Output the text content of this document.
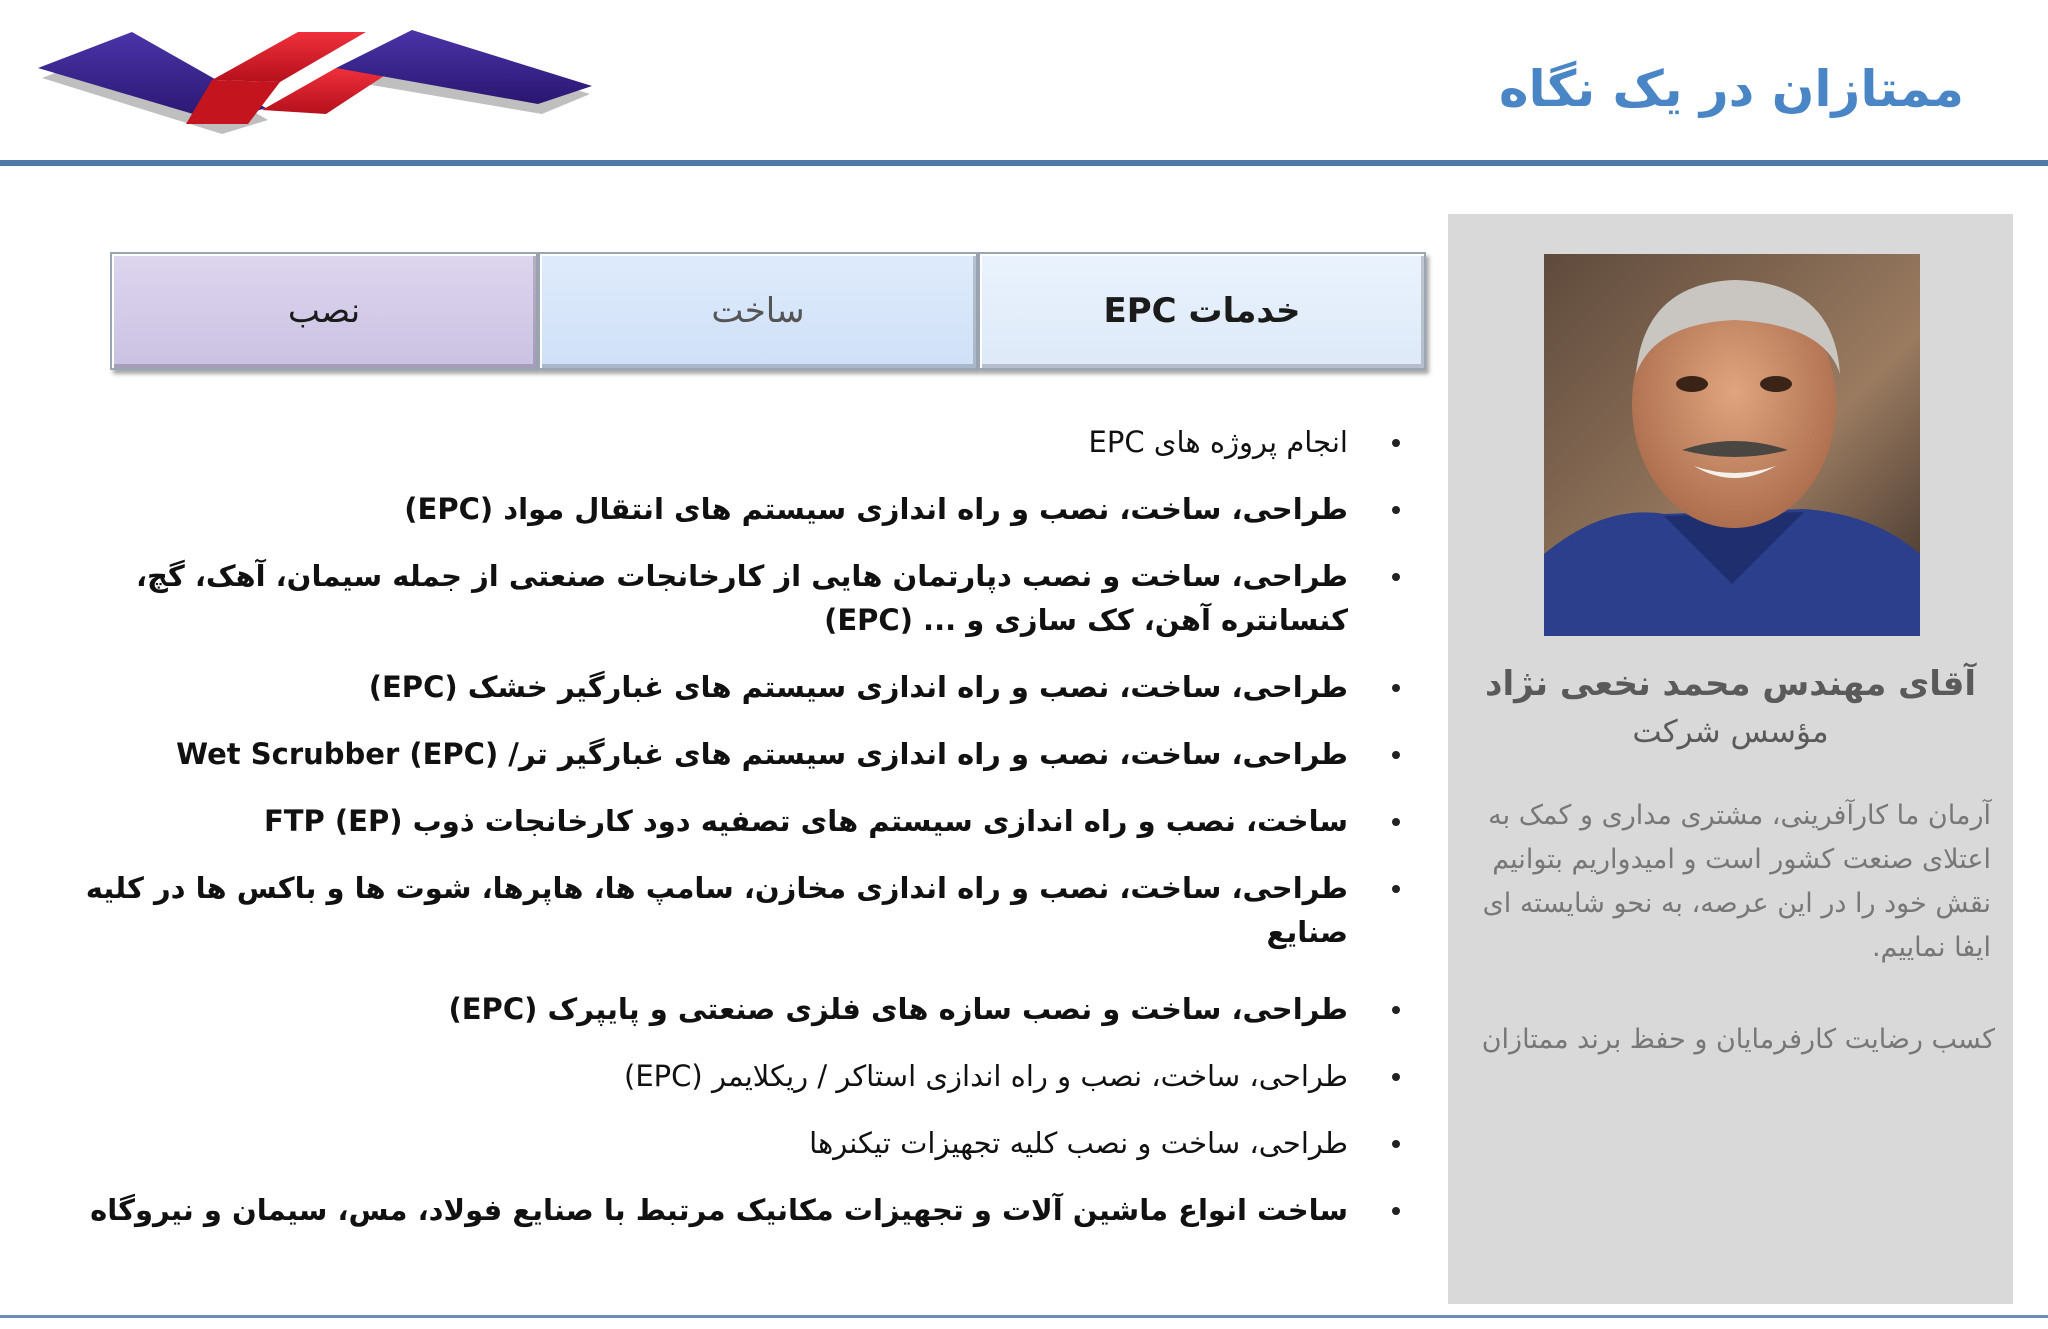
ممتازان در یک نگاه
نصب	ساخت	خدمات EPC
انجام پروژه های EPC
طراحی، ساخت، نصب و راه اندازی سیستم های انتقال مواد (EPC)
طراحی، ساخت و نصب دپارتمان هایی از کارخانجات صنعتی از جمله سیمان، آهک، گچ، کنسانتره آهن، کک سازی و ... (EPC)
طراحی، ساخت، نصب و راه اندازی سیستم های غبارگیر خشک (EPC)
طراحی، ساخت، نصب و راه اندازی سیستم های غبارگیر تر/ Wet Scrubber (EPC)
ساخت، نصب و راه اندازی سیستم های تصفیه دود کارخانجات ذوب FTP (EP)
طراحی، ساخت، نصب و راه اندازی مخازن، سامپ ها، هاپرها، شوت ها و باکس ها در کلیه صنایع
طراحی، ساخت و نصب سازه های فلزی صنعتی و پایپرک (EPC)
طراحی، ساخت، نصب و راه اندازی استاکر / ریکلایمر (EPC)
طراحی، ساخت و نصب کلیه تجهیزات تیکنرها
ساخت انواع ماشین آلات و تجهیزات مکانیک مرتبط با صنایع فولاد، مس، سیمان و نیروگاه
آقای مهندس محمد نخعی نژاد
مؤسس شرکت
آرمان ما کارآفرینی، مشتری مداری و کمک به اعتلای صنعت کشور است و امیدواریم بتوانیم نقش خود را در این عرصه، به نحو شایسته ای ایفا نماییم.
کسب رضایت کارفرمایان و حفظ برند ممتازان
